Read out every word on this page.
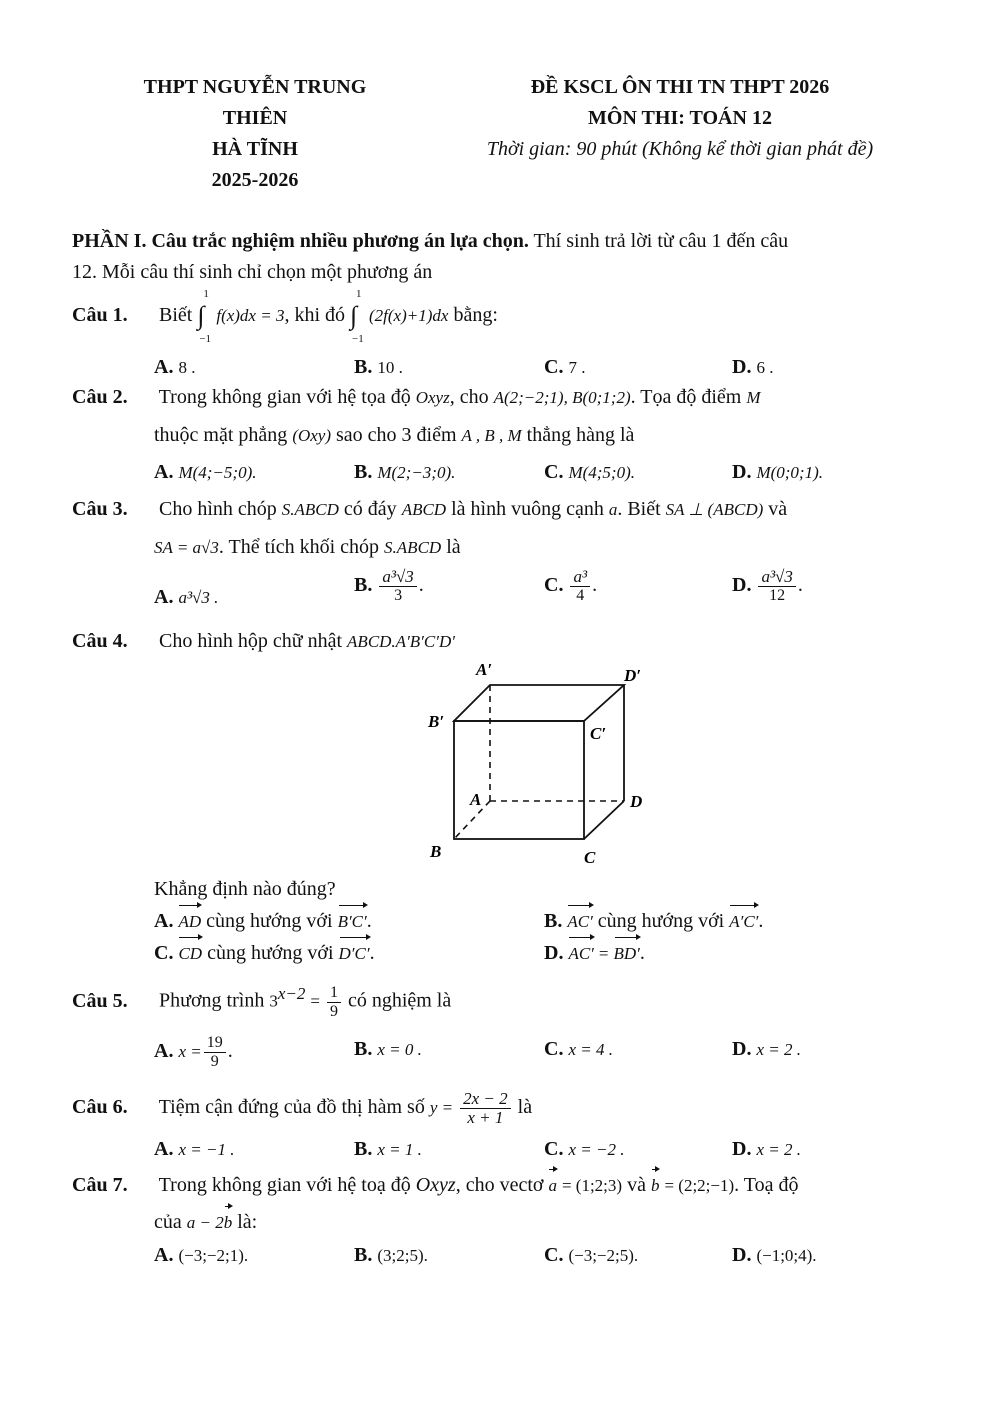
THPT NGUYỄN TRUNG
THIÊN
HÀ TĨNH
2025-2026
ĐỀ KSCL ÔN THI TN THPT 2026
MÔN THI: TOÁN 12
Thời gian: 90 phút (Không kể thời gian phát đề)
PHẦN I. Câu trắc nghiệm nhiều phương án lựa chọn. Thí sinh trả lời từ câu 1 đến câu
12. Mỗi câu thí sinh chỉ chọn một phương án
Câu 1. Biết ∫
1
−1
f(x)dx = 3, khi đó ∫
1
−1
(2f(x)+1)dx bằng:
A. 8 .	B. 10 .	C. 7 .	D. 6 .
Câu 2. Trong không gian với hệ tọa độ Oxyz, cho A(2;−2;1), B(0;1;2). Tọa độ điểm M
thuộc mặt phẳng (Oxy) sao cho 3 điểm A , B , M thẳng hàng là
A. M(4;−5;0).	B. M(2;−3;0).	C. M(4;5;0).	D. M(0;0;1).
Câu 3. Cho hình chóp S.ABCD có đáy ABCD là hình vuông cạnh a. Biết SA ⊥ (ABCD) và
SA = a√3. Thể tích khối chóp S.ABCD là
A. a³√3 .
B. $\frac{\text{a³√3}}{3}$ .	C. $\frac{\text{a³}}{4}$ .	D. $\frac{\text{a³√3}}{12}$ .
Câu 4. Cho hình hộp chữ nhật ABCD.A′B′C′D′
A′	D′
B′
C′
A	D
B	C
Khẳng định nào đúng?
A. AD cùng hướng với B′C′.	B. AC′ cùng hướng với A′C′.
C. CD cùng hướng với D′C′.	D. AC′ = BD′.
Câu 5. Phương trình $3^{x-2} = \frac{1}{9}$ có nghiệm là
A. $x = \frac{19}{9}$ .	B. x = 0 .	C. x = 4 .	D. x = 2 .
Câu 6. Tiệm cận đứng của đồ thị hàm số $y = \frac{2x - 2}{x + 1}$ là
A. x = −1 .	B. x = 1 .	C. x = −2 .	D. x = 2 .
Câu 7. Trong không gian với hệ toạ độ Oxyz, cho vectơ a = (1;2;3) và b = (2;2;−1). Toạ độ
của a − 2b là:
A. (−3;−2;1).	B. (3;2;5).	C. (−3;−2;5).	D. (−1;0;4).
